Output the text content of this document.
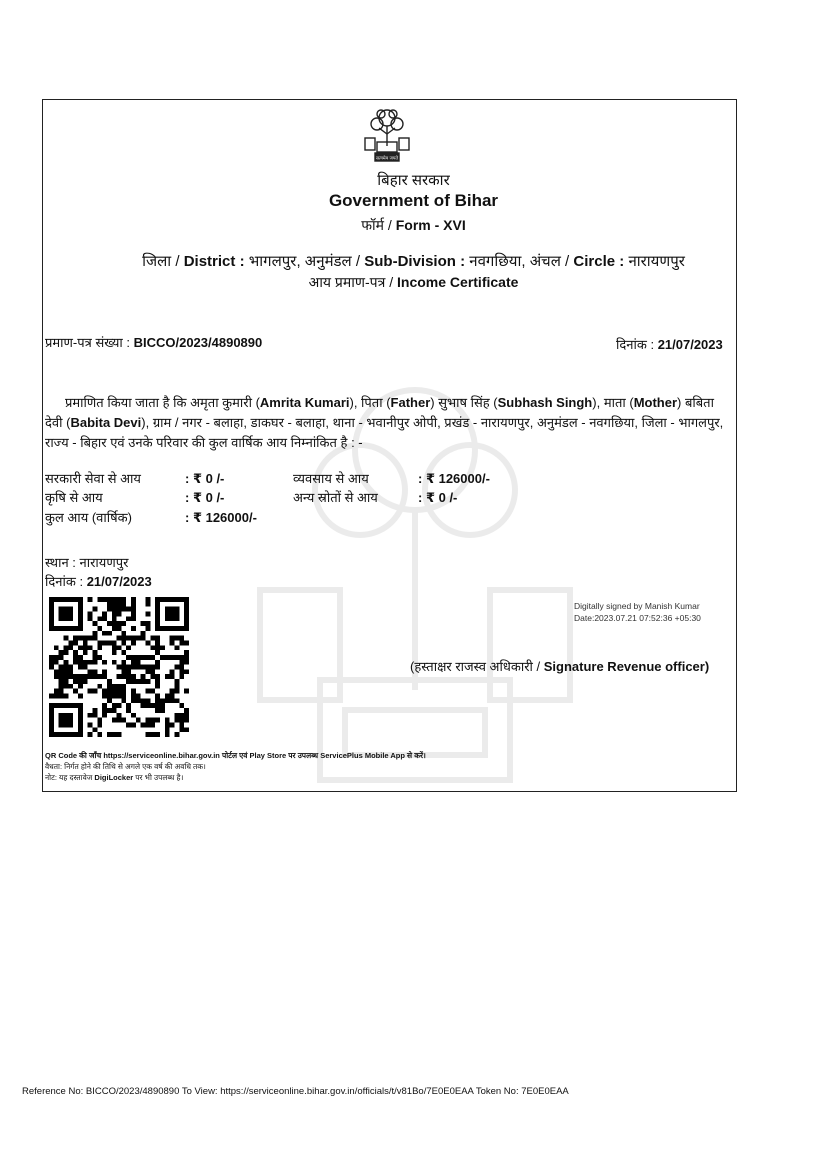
सत्यमेव जयते
बिहार सरकार
Government of Bihar
फॉर्म / Form - XVI
जिला / District : भागलपुर, अनुमंडल / Sub-Division : नवगछिया, अंचल / Circle : नारायणपुर
आय प्रमाण-पत्र / Income Certificate
प्रमाण-पत्र संख्या : BICCO/2023/4890890	दिनांक : 21/07/2023
प्रमाणित किया जाता है कि अमृता कुमारी (Amrita Kumari), पिता (Father) सुभाष सिंह (Subhash Singh), माता (Mother) बबिता देवी (Babita Devi), ग्राम / नगर - बलाहा, डाकघर - बलाहा, थाना - भवानीपुर ओपी, प्रखंड - नारायणपुर, अनुमंडल - नवगछिया, जिला - भागलपुर, राज्य - बिहार एवं उनके परिवार की कुल वार्षिक आय निम्नांकित है : -
सरकारी सेवा से आय	: ₹ 0 /-	व्यवसाय से आय	: ₹ 126000/-
कृषि से आय	: ₹ 0 /-	अन्य स्रोतों से आय	: ₹ 0 /-
कुल आय (वार्षिक)	: ₹ 126000/-
स्थान : नारायणपुर
दिनांक : 21/07/2023
Digitally signed by Manish Kumar
Date:2023.07.21 07:52:36 +05:30
(हस्ताक्षर राजस्व अधिकारी / Signature Revenue officer)
QR Code की जाँच https://serviceonline.bihar.gov.in पोर्टल एवं Play Store पर उपलब्ध ServicePlus Mobile App से करें।
वैधता: निर्गत होने की तिथि से अगले एक वर्ष की अवधि तक।
नोट: यह दस्तावेज DigiLocker पर भी उपलब्ध है।
Reference No: BICCO/2023/4890890 To View: https://serviceonline.bihar.gov.in/officials/t/v81Bo/7E0E0EAA Token No: 7E0E0EAA
